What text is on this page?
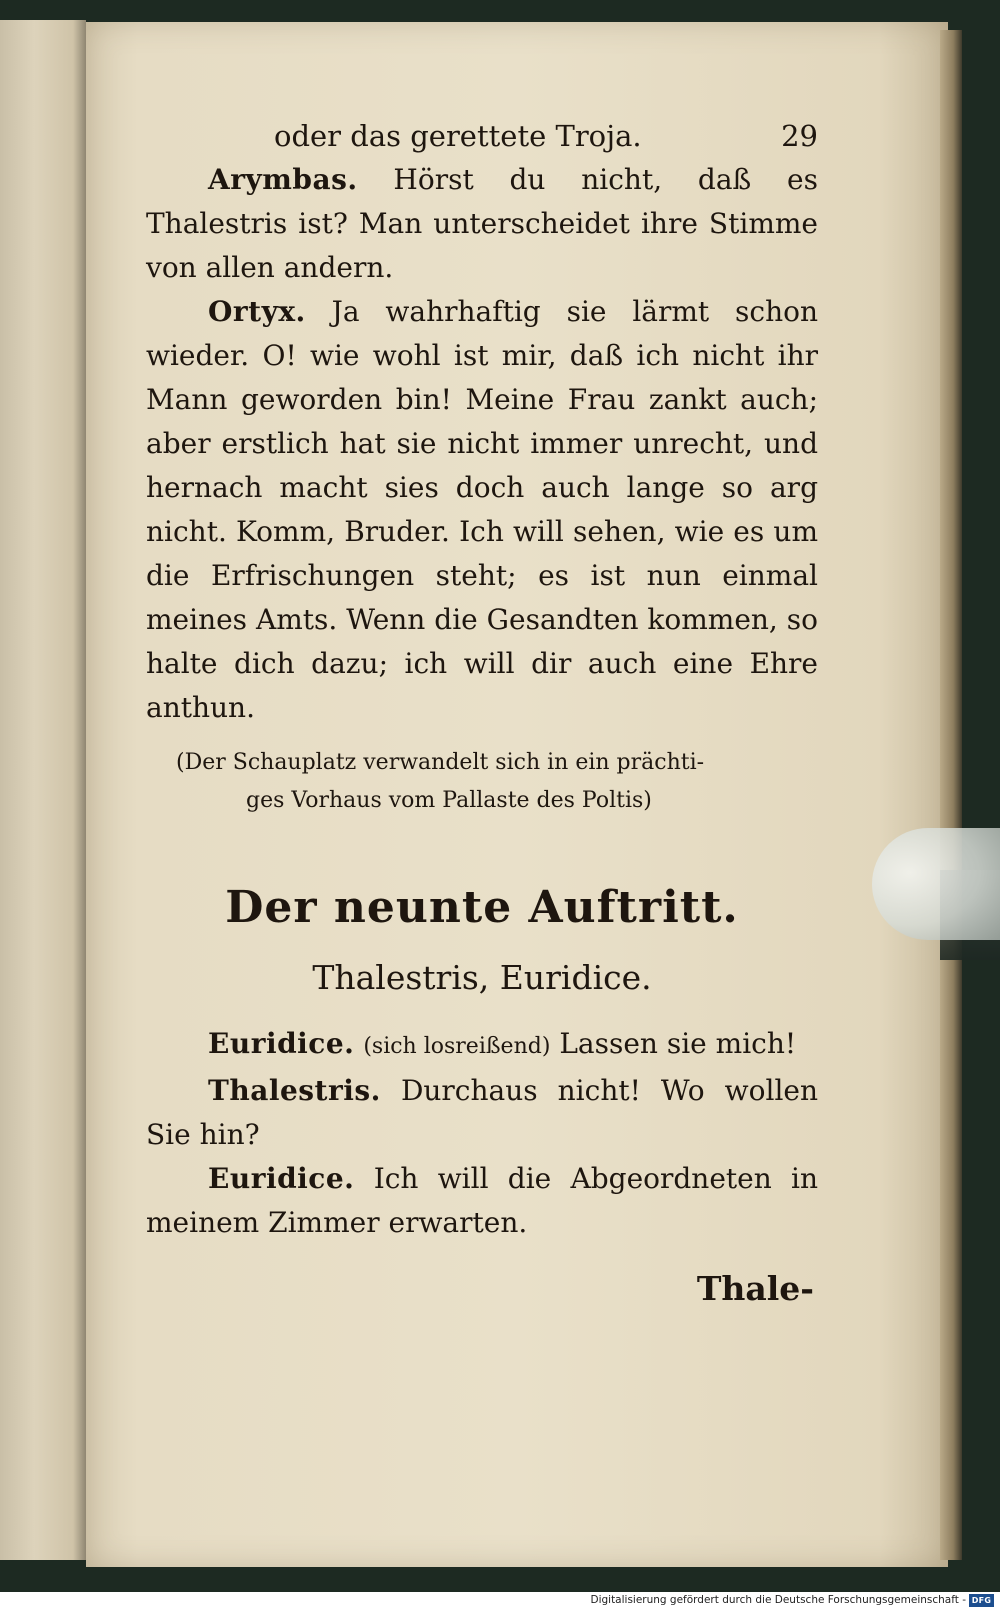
oder das gerettete Troja.	29

Arymbas. Hörst du nicht, daß es Thalestris ist? Man unterscheidet ihre Stimme von allen andern.

Ortyx. Ja wahrhaftig sie lärmt schon wieder. O! wie wohl ist mir, daß ich nicht ihr Mann geworden bin! Meine Frau zankt auch; aber erstlich hat sie nicht immer unrecht, und hernach macht sies doch auch lange so arg nicht. Komm, Bruder. Ich will sehen, wie es um die Erfrischungen steht; es ist nun einmal meines Amts. Wenn die Gesandten kommen, so halte dich dazu; ich will dir auch eine Ehre anthun.

(Der Schauplatz verwandelt sich in ein prächti-
ges Vorhaus vom Pallaste des Poltis)
Der neunte Auftritt.
Thalestris, Euridice.

Euridice. (sich losreißend) Lassen sie mich!

Thalestris. Durchaus nicht! Wo wollen Sie hin?

Euridice. Ich will die Abgeordneten in meinem Zimmer erwarten.

Thale-
Digitalisierung gefördert durch die Deutsche Forschungsgemeinschaft - DFG
